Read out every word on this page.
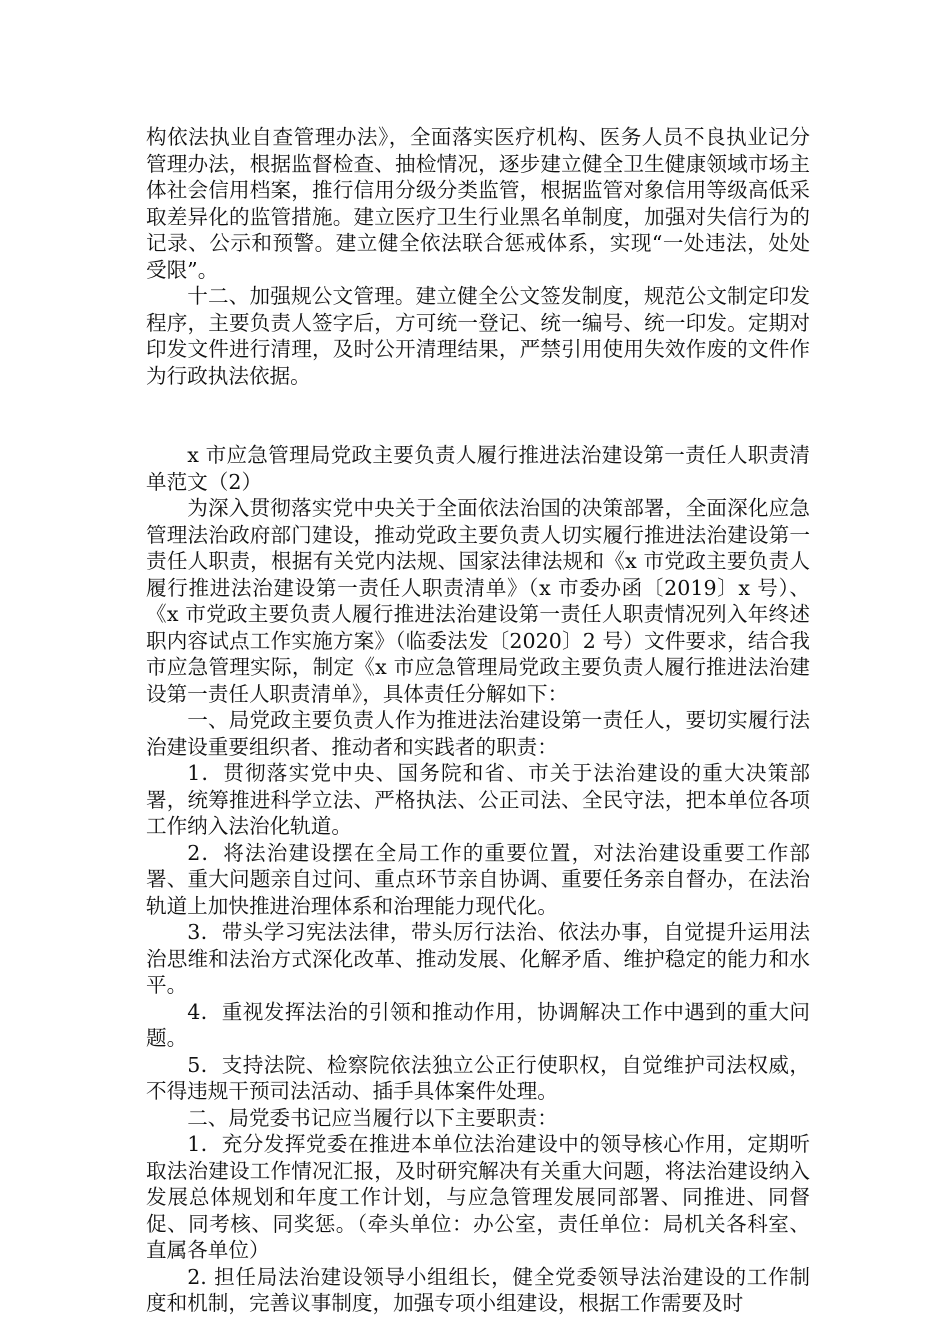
构依法执业自查管理办法》，全面落实医疗机构、医务人员不良执业记分管理办法，根据监督检查、抽检情况，逐步建立健全卫生健康领域市场主体社会信用档案，推行信用分级分类监管，根据监管对象信用等级高低采取差异化的监管措施。建立医疗卫生行业黑名单制度，加强对失信行为的记录、公示和预警。建立健全依法联合惩戒体系，实现“一处违法，处处受限”。

十二、加强规公文管理。建立健全公文签发制度，规范公文制定印发程序，主要负责人签字后，方可统一登记、统一编号、统一印发。定期对印发文件进行清理，及时公开清理结果，严禁引用使用失效作废的文件作为行政执法依据。

x 市应急管理局党政主要负责人履行推进法治建设第一责任人职责清单范文（2）

为深入贯彻落实党中央关于全面依法治国的决策部署，全面深化应急管理法治政府部门建设，推动党政主要负责人切实履行推进法治建设第一责任人职责，根据有关党内法规、国家法律法规和《x 市党政主要负责人履行推进法治建设第一责任人职责清单》（x 市委办函〔2019〕x 号）、《x 市党政主要负责人履行推进法治建设第一责任人职责情况列入年终述职内容试点工作实施方案》（临委法发〔2020〕2 号）文件要求，结合我市应急管理实际，制定《x 市应急管理局党政主要负责人履行推进法治建设第一责任人职责清单》，具体责任分解如下：

一、局党政主要负责人作为推进法治建设第一责任人，要切实履行法治建设重要组织者、推动者和实践者的职责：

1．贯彻落实党中央、国务院和省、市关于法治建设的重大决策部署，统筹推进科学立法、严格执法、公正司法、全民守法，把本单位各项工作纳入法治化轨道。

2．将法治建设摆在全局工作的重要位置，对法治建设重要工作部署、重大问题亲自过问、重点环节亲自协调、重要任务亲自督办，在法治轨道上加快推进治理体系和治理能力现代化。

3．带头学习宪法法律，带头厉行法治、依法办事，自觉提升运用法治思维和法治方式深化改革、推动发展、化解矛盾、维护稳定的能力和水平。

4．重视发挥法治的引领和推动作用，协调解决工作中遇到的重大问题。

5．支持法院、检察院依法独立公正行使职权，自觉维护司法权威，不得违规干预司法活动、插手具体案件处理。

二、局党委书记应当履行以下主要职责：

1．充分发挥党委在推进本单位法治建设中的领导核心作用，定期听取法治建设工作情况汇报，及时研究解决有关重大问题，将法治建设纳入发展总体规划和年度工作计划，与应急管理发展同部署、同推进、同督促、同考核、同奖惩。（牵头单位：办公室，责任单位：局机关各科室、直属各单位）

2. 担任局法治建设领导小组组长，健全党委领导法治建设的工作制度和机制，完善议事制度，加强专项小组建设，根据工作需要及时
